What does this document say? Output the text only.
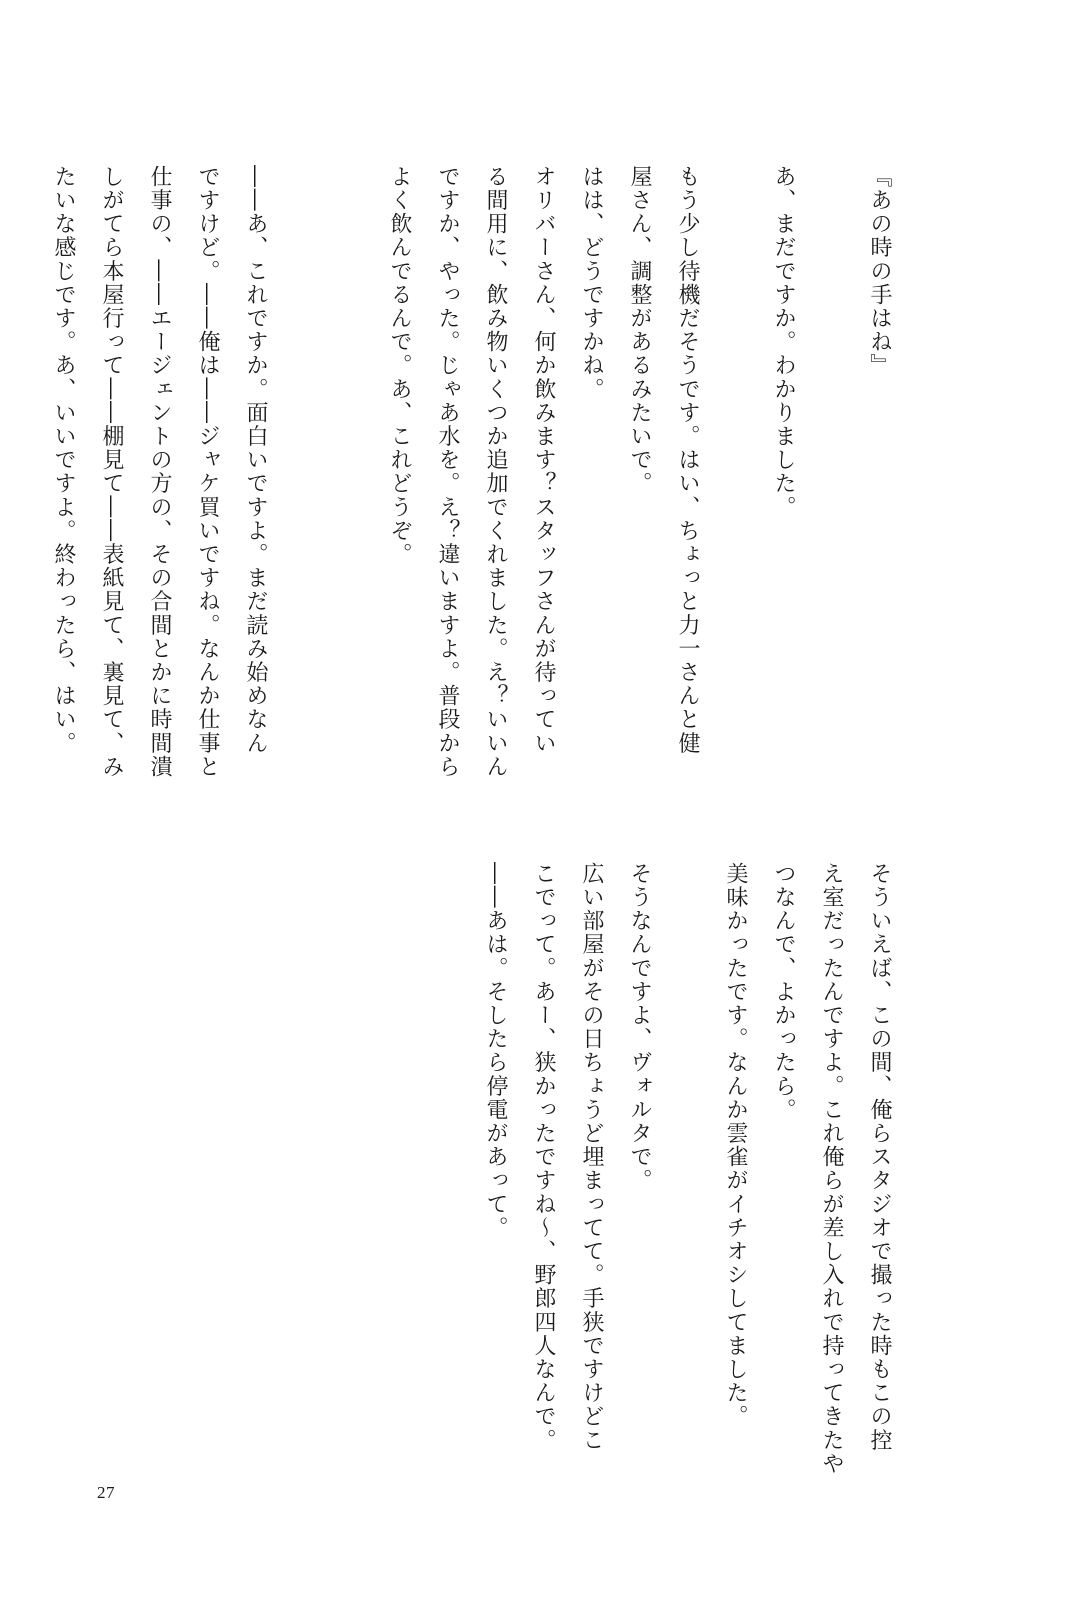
『あの時の手はね』
あ、まだですか。わかりました。
もう少し待機だそうです。はい、ちょっと力一さんと健
屋さん、調整があるみたいで。
はは、どうですかね。
オリバーさん、何か飲みます？スタッフさんが待ってい
る間用に、飲み物いくつか追加でくれました。え？いいん
ですか、やった。じゃあ水を。え？違いますよ。普段から
よく飲んでるんで。あ、これどうぞ。
――あ、これですか。面白いですよ。まだ読み始めなん
ですけど。――俺は――ジャケ買いですね。なんか仕事と
仕事の、――エージェントの方の、その合間とかに時間潰
しがてら本屋行って――棚見て――表紙見て、裏見て、み
たいな感じです。あ、いいですよ。終わったら、はい。
そういえば、この間、俺らスタジオで撮った時もこの控
え室だったんですよ。これ俺らが差し入れで持ってきたや
つなんで、よかったら。
美味かったです。なんか雲雀がイチオシしてました。
そうなんですよ、ヴォルタで。
広い部屋がその日ちょうど埋まってて。手狭ですけどこ
こでって。あー、狭かったですね～、野郎四人なんで。
――あは。そしたら停電があって。
27
